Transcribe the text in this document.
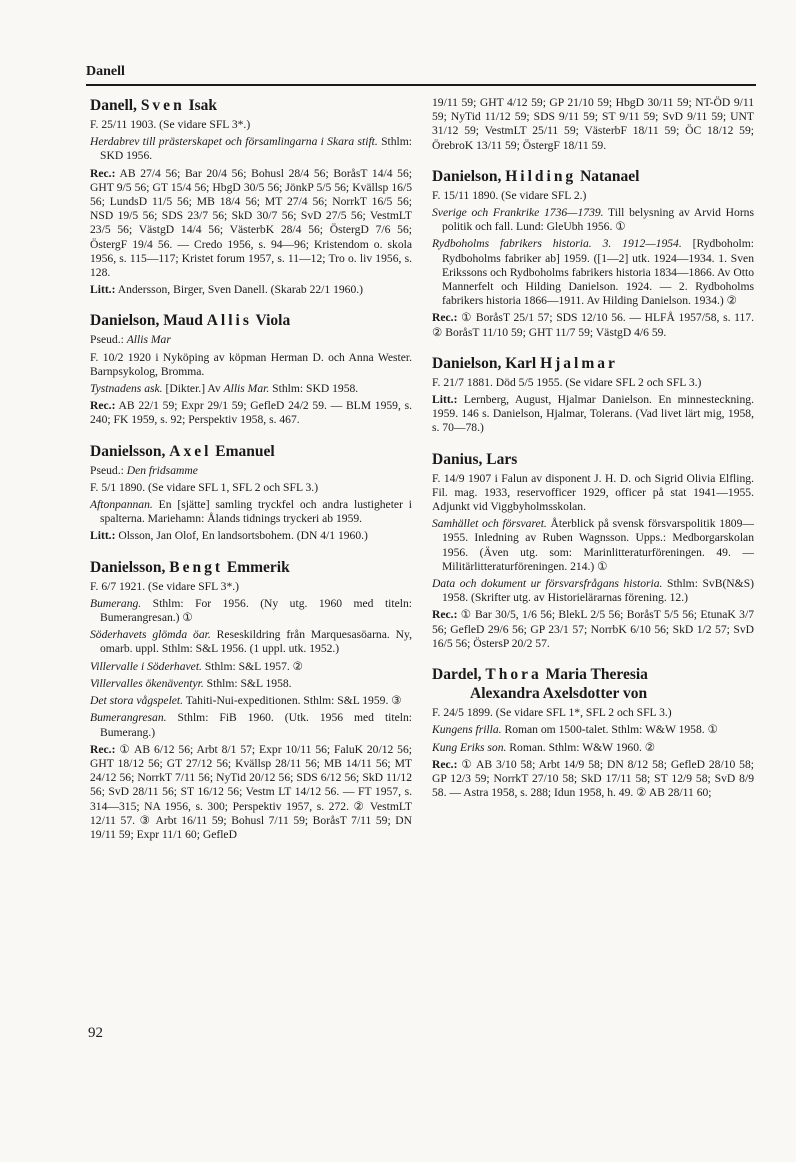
Danell
Danell, Sven Isak

F. 25/11 1903. (Se vidare SFL 3*.)

Herdabrev till prästerskapet och församlingarna i Skara stift. Sthlm: SKD 1956.

Rec.: AB 27/4 56; Bar 20/4 56; Bohusl 28/4 56; BoråsT 14/4 56; GHT 9/5 56; GT 15/4 56; HbgD 30/5 56; JönkP 5/5 56; Kvällsp 16/5 56; LundsD 11/5 56; MB 18/4 56; MT 27/4 56; NorrkT 16/5 56; NSD 19/5 56; SDS 23/7 56; SkD 30/7 56; SvD 27/5 56; VestmLT 23/5 56; VästgD 14/4 56; VästerbK 28/4 56; ÖstergD 7/6 56; ÖstergF 19/4 56. — Credo 1956, s. 94—96; Kristendom o. skola 1956, s. 115—117; Kristet forum 1957, s. 11—12; Tro o. liv 1956, s. 128.

Litt.: Andersson, Birger, Sven Danell. (Skarab 22/1 1960.)

Danielson, Maud Allis Viola

Pseud.: Allis Mar

F. 10/2 1920 i Nyköping av köpman Herman D. och Anna Wester. Barnpsykolog, Bromma.

Tystnadens ask. [Dikter.] Av Allis Mar. Sthlm: SKD 1958.

Rec.: AB 22/1 59; Expr 29/1 59; GefleD 24/2 59. — BLM 1959, s. 240; FK 1959, s. 92; Perspektiv 1958, s. 467.

Danielsson, Axel Emanuel

Pseud.: Den fridsamme

F. 5/1 1890. (Se vidare SFL 1, SFL 2 och SFL 3.)

Aftonpannan. En [sjätte] samling tryckfel och andra lustigheter i spalterna. Mariehamn: Ålands tidnings tryckeri ab 1959.

Litt.: Olsson, Jan Olof, En landsortsbohem. (DN 4/1 1960.)

Danielsson, Bengt Emmerik

F. 6/7 1921. (Se vidare SFL 3*.)

Bumerang. Sthlm: For 1956. (Ny utg. 1960 med titeln: Bumerangresan.) ①

Söderhavets glömda öar. Reseskildring från Marquesasöarna. Ny, omarb. uppl. Sthlm: S&L 1956. (1 uppl. utk. 1952.)

Villervalle i Söderhavet. Sthlm: S&L 1957. ②

Villervalles ökenäventyr. Sthlm: S&L 1958.

Det stora vågspelet. Tahiti-Nui-expeditionen. Sthlm: S&L 1959. ③

Bumerangresan. Sthlm: FiB 1960. (Utk. 1956 med titeln: Bumerang.)

Rec.: ① AB 6/12 56; Arbt 8/1 57; Expr 10/11 56; FaluK 20/12 56; GHT 18/12 56; GT 27/12 56; Kvällsp 28/11 56; MB 14/11 56; MT 24/12 56; NorrkT 7/11 56; NyTid 20/12 56; SDS 6/12 56; SkD 11/12 56; SvD 28/11 56; ST 16/12 56; Vestm LT 14/12 56. — FT 1957, s. 314—315; NA 1956, s. 300; Perspektiv 1957, s. 272. ② VestmLT 12/11 57. ③ Arbt 16/11 59; Bohusl 7/11 59; BoråsT 7/11 59; DN 19/11 59; Expr 11/1 60; GefleD

19/11 59; GHT 4/12 59; GP 21/10 59; HbgD 30/11 59; NT-ÖD 9/11 59; NyTid 11/12 59; SDS 9/11 59; ST 9/11 59; SvD 9/11 59; UNT 31/12 59; VestmLT 25/11 59; VästerbF 18/11 59; ÖC 18/12 59; ÖrebroK 13/11 59; ÖstergF 18/11 59.

Danielson, Hilding Natanael

F. 15/11 1890. (Se vidare SFL 2.)

Sverige och Frankrike 1736—1739. Till belysning av Arvid Horns politik och fall. Lund: GleUbh 1956. ①

Rydboholms fabrikers historia. 3. 1912—1954. [Rydboholm: Rydboholms fabriker ab] 1959. ([1—2] utk. 1924—1934. 1. Sven Erikssons och Rydboholms fabrikers historia 1834—1866. Av Otto Mannerfelt och Hilding Danielson. 1924. — 2. Rydboholms fabrikers historia 1866—1911. Av Hilding Danielson. 1934.) ②

Rec.: ① BoråsT 25/1 57; SDS 12/10 56. — HLFÅ 1957/58, s. 117. ② BoråsT 11/10 59; GHT 11/7 59; VästgD 4/6 59.

Danielson, Karl Hjalmar

F. 21/7 1881. Död 5/5 1955. (Se vidare SFL 2 och SFL 3.)

Litt.: Lernberg, August, Hjalmar Danielson. En minnesteckning. 1959. 146 s. Danielson, Hjalmar, Tolerans. (Vad livet lärt mig, 1958, s. 70—78.)

Danius, Lars

F. 14/9 1907 i Falun av disponent J. H. D. och Sigrid Olivia Elfling. Fil. mag. 1933, reservofficer 1929, officer på stat 1941—1955. Adjunkt vid Viggbyholmsskolan.

Samhället och försvaret. Återblick på svensk försvarspolitik 1809—1955. Inledning av Ruben Wagnsson. Upps.: Medborgarskolan 1956. (Även utg. som: Marinlitteraturföreningen. 49. — Militärlitteraturföreningen. 214.) ①

Data och dokument ur försvarsfrågans historia. Sthlm: SvB(N&S) 1958. (Skrifter utg. av Historielärarnas förening. 12.)

Rec.: ① Bar 30/5, 1/6 56; BlekL 2/5 56; BoråsT 5/5 56; EtunaK 3/7 56; GefleD 29/6 56; GP 23/1 57; NorrbK 6/10 56; SkD 1/2 57; SvD 16/5 56; ÖstersP 20/2 57.

Dardel, Thora Maria Theresia
Alexandra Axelsdotter von

F. 24/5 1899. (Se vidare SFL 1*, SFL 2 och SFL 3.)

Kungens frilla. Roman om 1500-talet. Sthlm: W&W 1958. ①

Kung Eriks son. Roman. Sthlm: W&W 1960. ②

Rec.: ① AB 3/10 58; Arbt 14/9 58; DN 8/12 58; GefleD 28/10 58; GP 12/3 59; NorrkT 27/10 58; SkD 17/11 58; ST 12/9 58; SvD 8/9 58. — Astra 1958, s. 288; Idun 1958, h. 49. ② AB 28/11 60;

92
